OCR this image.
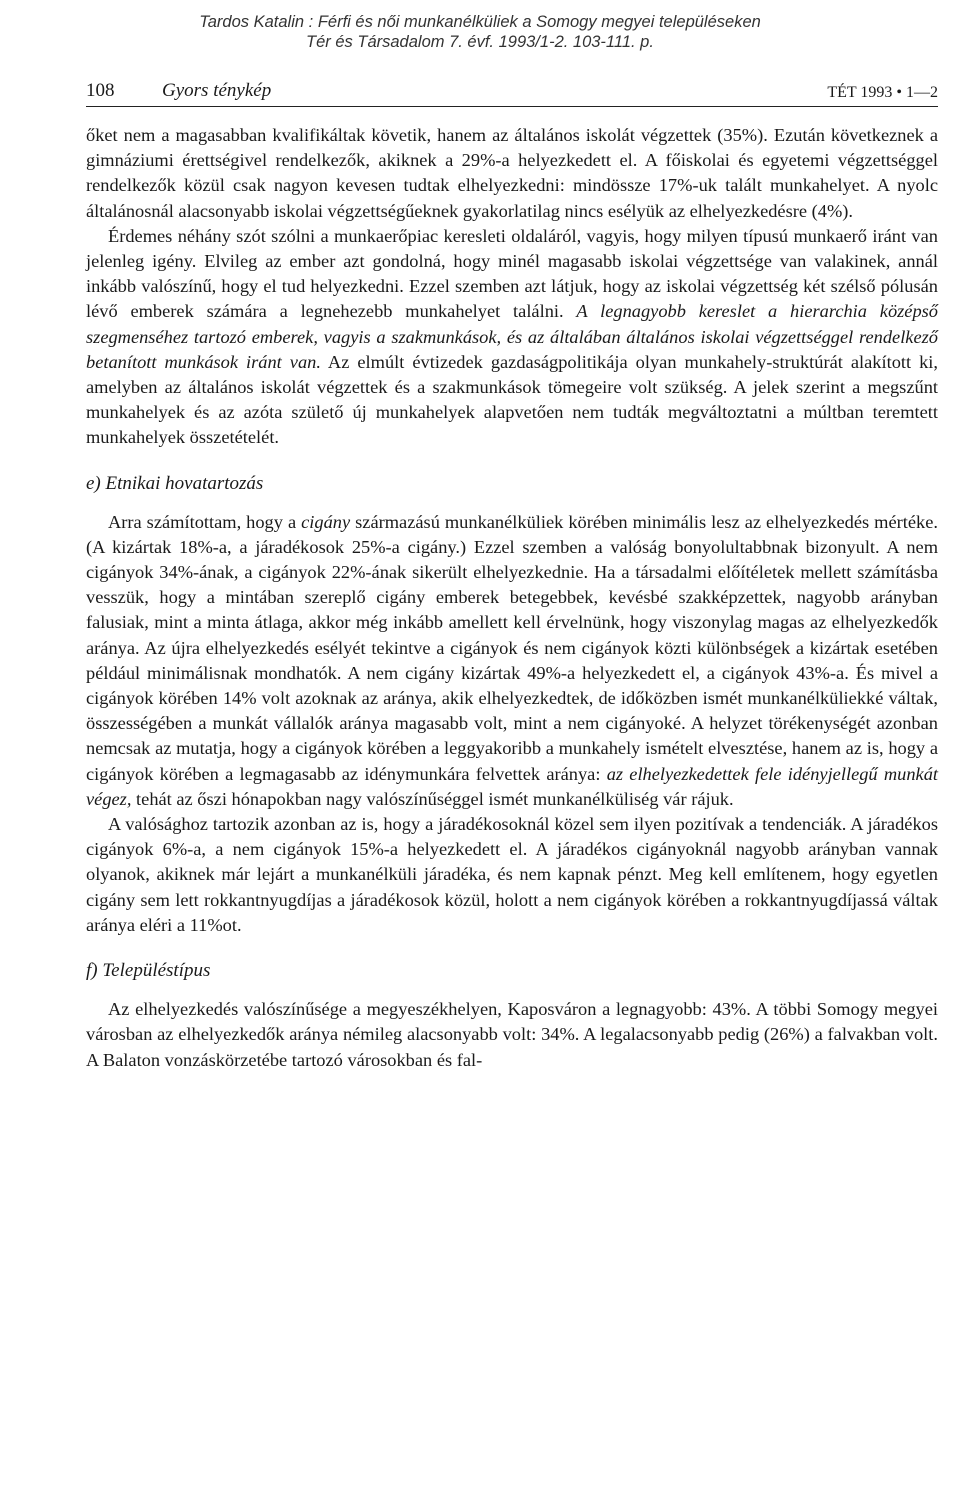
Tardos Katalin : Férfi és női munkanélküliek a Somogy megyei településeken
Tér és Társadalom 7. évf. 1993/1-2. 103-111. p.
108	Gyors ténykép	TÉT 1993 • 1—2

őket nem a magasabban kvalifikáltak követik, hanem az általános iskolát végzettek (35%). Ezután következnek a gimnáziumi érettségivel rendelkezők, akiknek a 29%-a helyezkedett el. A főiskolai és egyetemi végzettséggel rendelkezők közül csak nagyon kevesen tudtak elhelyezkedni: mindössze 17%-uk talált munkahelyet. A nyolc általánosnál alacsonyabb iskolai végzettségűeknek gyakorlatilag nincs esélyük az elhelyezkedésre (4%).

Érdemes néhány szót szólni a munkaerőpiac keresleti oldaláról, vagyis, hogy milyen típusú munkaerő iránt van jelenleg igény. Elvileg az ember azt gondolná, hogy minél magasabb iskolai végzettsége van valakinek, annál inkább valószínű, hogy el tud helyezkedni. Ezzel szemben azt látjuk, hogy az iskolai végzettség két szélső pólusán lévő emberek számára a legnehezebb munkahelyet találni. A legnagyobb kereslet a hierarchia középső szegmenséhez tartozó emberek, vagyis a szakmunkások, és az általában általános iskolai végzettséggel rendelkező betanított munkások iránt van. Az elmúlt évtizedek gazdaságpolitikája olyan munkahely-struktúrát alakított ki, amelyben az általános iskolát végzettek és a szakmunkások tömegeire volt szükség. A jelek szerint a megszűnt munkahelyek és az azóta születő új munkahelyek alapvetően nem tudták megváltoztatni a múltban teremtett munkahelyek összetételét.

e) Etnikai hovatartozás

Arra számítottam, hogy a cigány származású munkanélküliek körében minimális lesz az elhelyezkedés mértéke. (A kizártak 18%-a, a járadékosok 25%-a cigány.) Ezzel szemben a valóság bonyolultabbnak bizonyult. A nem cigányok 34%-ának, a cigányok 22%-ának sikerült elhelyezkednie. Ha a társadalmi előítéletek mellett számításba vesszük, hogy a mintában szereplő cigány emberek betegebbek, kevésbé szakképzettek, nagyobb arányban falusiak, mint a minta átlaga, akkor még inkább amellett kell érvelnünk, hogy viszonylag magas az elhelyezkedők aránya. Az újra elhelyezkedés esélyét tekintve a cigányok és nem cigányok közti különbségek a kizártak esetében például minimálisnak mondhatók. A nem cigány kizártak 49%-a helyezkedett el, a cigányok 43%-a. És mivel a cigányok körében 14% volt azoknak az aránya, akik elhelyezkedtek, de időközben ismét munkanélküliekké váltak, összességében a munkát vállalók aránya magasabb volt, mint a nem cigányoké. A helyzet törékenységét azonban nemcsak az mutatja, hogy a cigányok körében a leggyakoribb a munkahely ismételt elvesztése, hanem az is, hogy a cigányok körében a legmagasabb az idénymunkára felvettek aránya: az elhelyezkedettek fele idényjellegű munkát végez, tehát az őszi hónapokban nagy valószínűséggel ismét munkanélküliség vár rájuk.

A valósághoz tartozik azonban az is, hogy a járadékosoknál közel sem ilyen pozitívak a tendenciák. A járadékos cigányok 6%-a, a nem cigányok 15%-a helyezkedett el. A járadékos cigányoknál nagyobb arányban vannak olyanok, akiknek már lejárt a munkanélküli járadéka, és nem kapnak pénzt. Meg kell említenem, hogy egyetlen cigány sem lett rokkantnyugdíjas a járadékosok közül, holott a nem cigányok körében a rokkantnyugdíjassá váltak aránya eléri a 11%ot.

f) Településtípus

Az elhelyezkedés valószínűsége a megyeszékhelyen, Kaposváron a legnagyobb: 43%. A többi Somogy megyei városban az elhelyezkedők aránya némileg alacsonyabb volt: 34%. A legalacsonyabb pedig (26%) a falvakban volt. A Balaton vonzáskörzetébe tartozó városokban és fal-
